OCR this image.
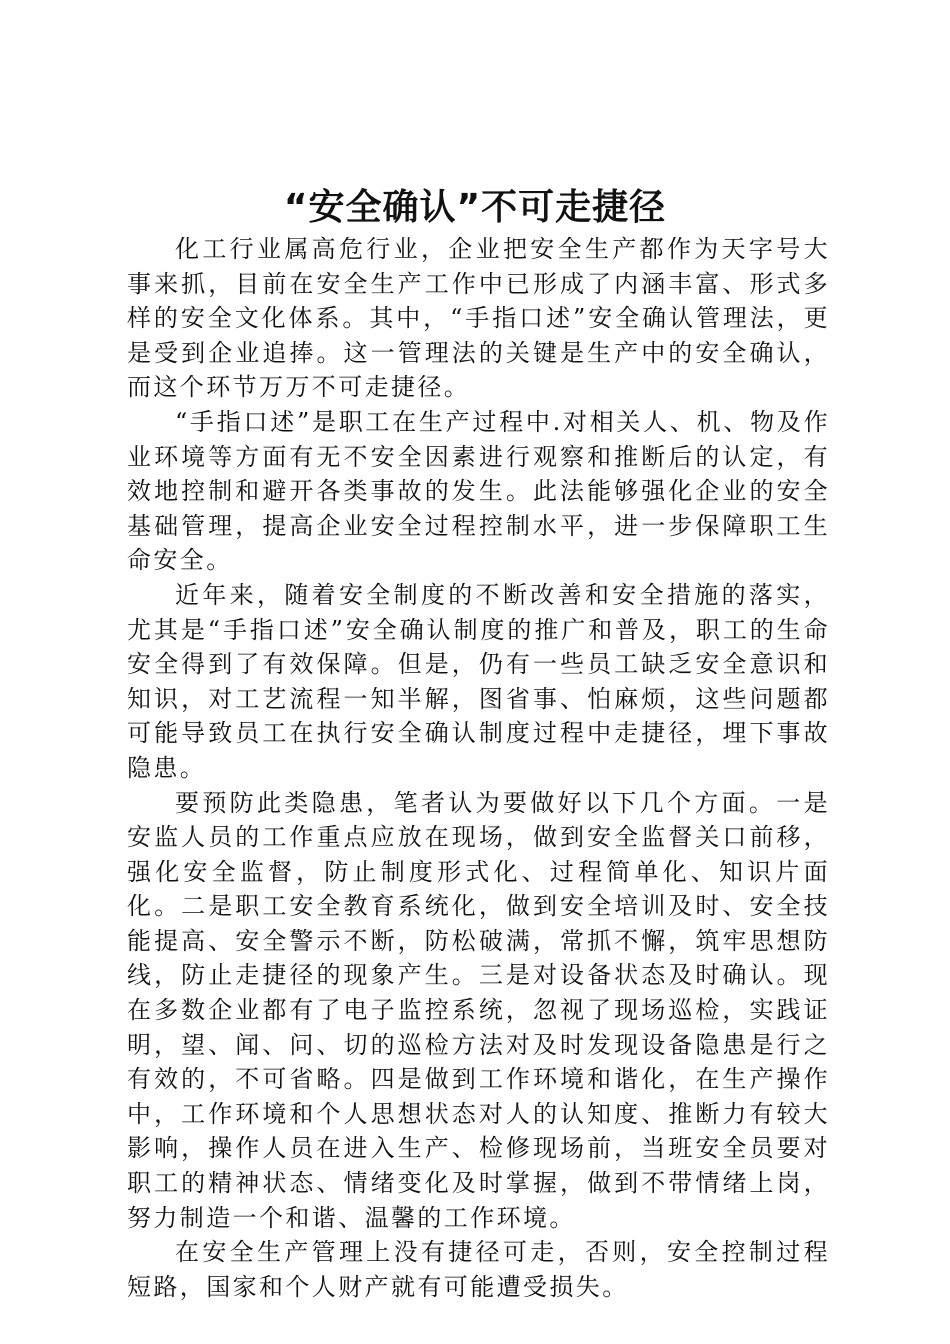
“安全确认”不可走捷径

化工行业属高危行业，企业把安全生产都作为天字号大事来抓，目前在安全生产工作中已形成了内涵丰富、形式多样的安全文化体系。其中，“手指口述”安全确认管理法，更是受到企业追捧。这一管理法的关键是生产中的安全确认，而这个环节万万不可走捷径。

“手指口述”是职工在生产过程中.对相关人、机、物及作业环境等方面有无不安全因素进行观察和推断后的认定，有效地控制和避开各类事故的发生。此法能够强化企业的安全基础管理，提高企业安全过程控制水平，进一步保障职工生命安全。

近年来，随着安全制度的不断改善和安全措施的落实，尤其是“手指口述”安全确认制度的推广和普及，职工的生命安全得到了有效保障。但是，仍有一些员工缺乏安全意识和知识，对工艺流程一知半解，图省事、怕麻烦，这些问题都可能导致员工在执行安全确认制度过程中走捷径，埋下事故隐患。

要预防此类隐患，笔者认为要做好以下几个方面。一是安监人员的工作重点应放在现场，做到安全监督关口前移，强化安全监督，防止制度形式化、过程简单化、知识片面化。二是职工安全教育系统化，做到安全培训及时、安全技能提高、安全警示不断，防松破满，常抓不懈，筑牢思想防线，防止走捷径的现象产生。三是对设备状态及时确认。现在多数企业都有了电子监控系统，忽视了现场巡检，实践证明，望、闻、问、切的巡检方法对及时发现设备隐患是行之有效的，不可省略。四是做到工作环境和谐化，在生产操作中，工作环境和个人思想状态对人的认知度、推断力有较大影响，操作人员在进入生产、检修现场前，当班安全员要对职工的精神状态、情绪变化及时掌握，做到不带情绪上岗，努力制造一个和谐、温馨的工作环境。

在安全生产管理上没有捷径可走，否则，安全控制过程短路，国家和个人财产就有可能遭受损失。
